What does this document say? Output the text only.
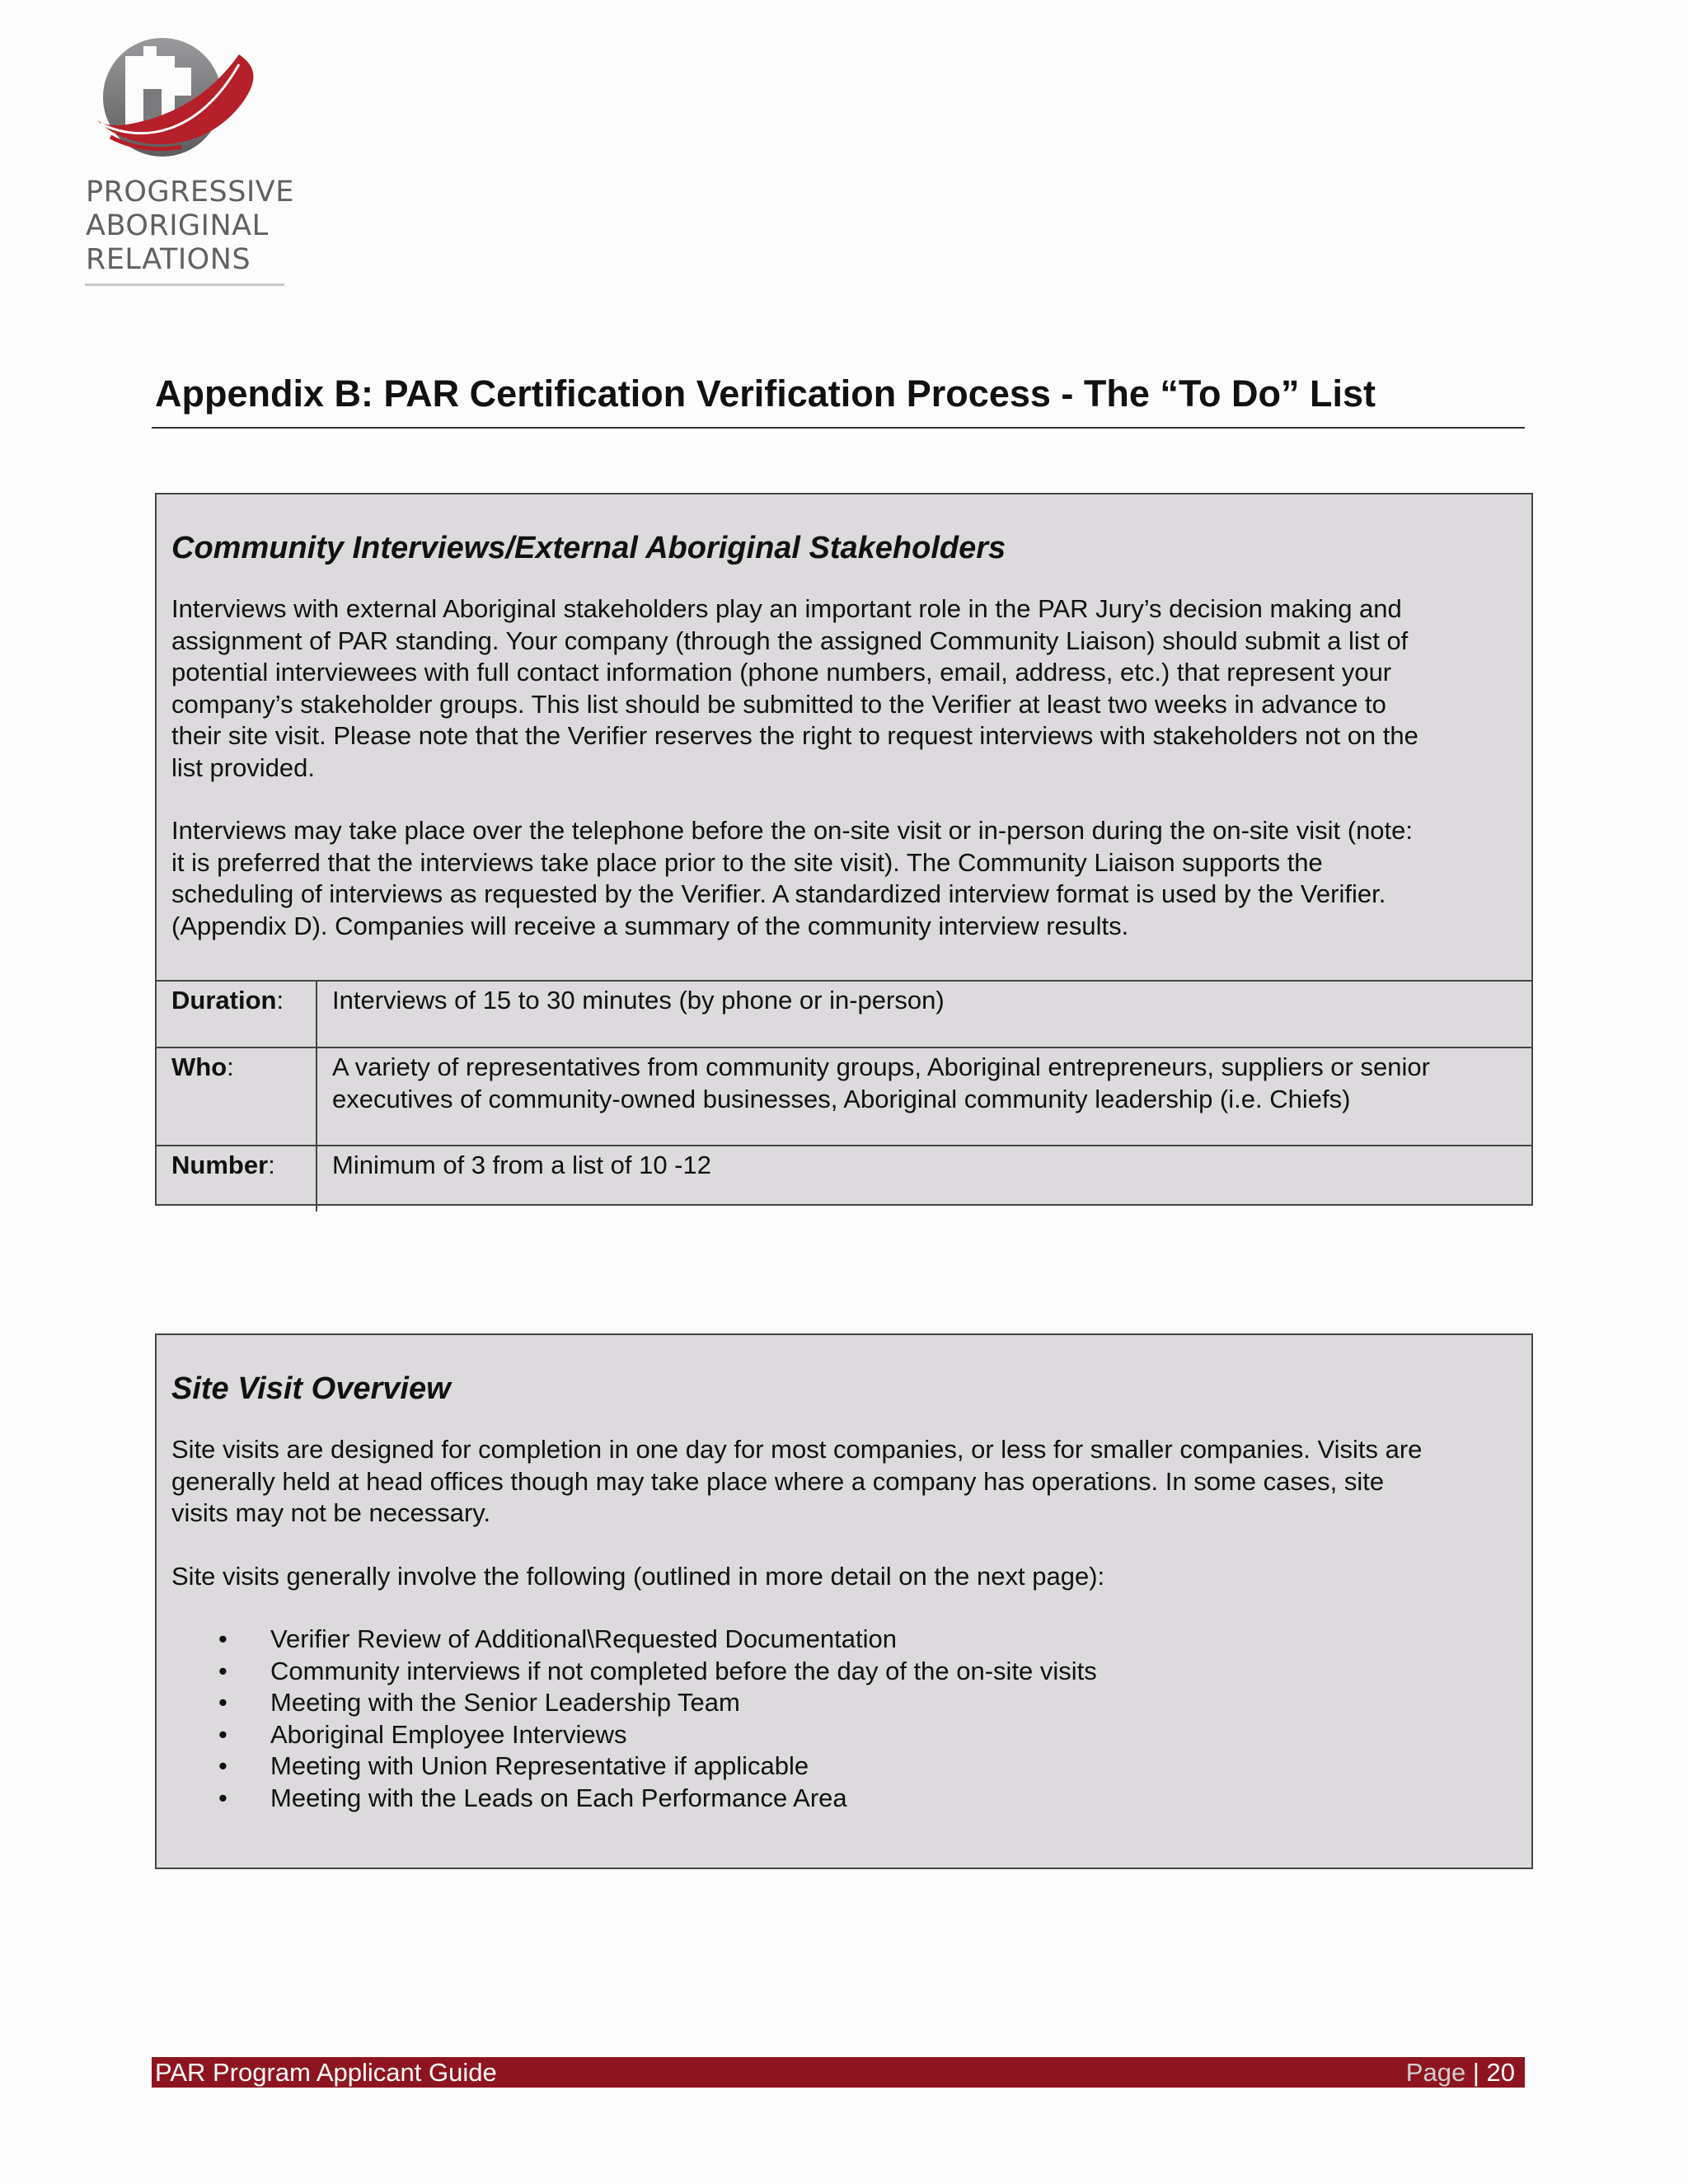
PROGRESSIVE
ABORIGINAL
RELATIONS
Appendix B: PAR Certification Verification Process - The “To Do” List
Community Interviews/External Aboriginal Stakeholders
Interviews with external Aboriginal stakeholders play an important role in the PAR Jury’s decision making and
assignment of PAR standing. Your company (through the assigned Community Liaison) should submit a list of
potential interviewees with full contact information (phone numbers, email, address, etc.) that represent your
company’s stakeholder groups. This list should be submitted to the Verifier at least two weeks in advance to
their site visit. Please note that the Verifier reserves the right to request interviews with stakeholders not on the
list provided.
Interviews may take place over the telephone before the on-site visit or in-person during the on-site visit (note:
it is preferred that the interviews take place prior to the site visit). The Community Liaison supports the
scheduling of interviews as requested by the Verifier. A standardized interview format is used by the Verifier.
(Appendix D). Companies will receive a summary of the community interview results.
Duration:	Interviews of 15 to 30 minutes (by phone or in-person)

Who:	A variety of representatives from community groups, Aboriginal entrepreneurs, suppliers or senior
executives of community-owned businesses, Aboriginal community leadership (i.e. Chiefs)

Number:	Minimum of 3 from a list of 10 -12
Site Visit Overview
Site visits are designed for completion in one day for most companies, or less for smaller companies. Visits are
generally held at head offices though may take place where a company has operations. In some cases, site
visits may not be necessary.
Site visits generally involve the following (outlined in more detail on the next page):
• Verifier Review of Additional\Requested Documentation
• Community interviews if not completed before the day of the on-site visits
• Meeting with the Senior Leadership Team
• Aboriginal Employee Interviews
• Meeting with Union Representative if applicable
• Meeting with the Leads on Each Performance Area
PAR Program Applicant Guide	Page | 20
